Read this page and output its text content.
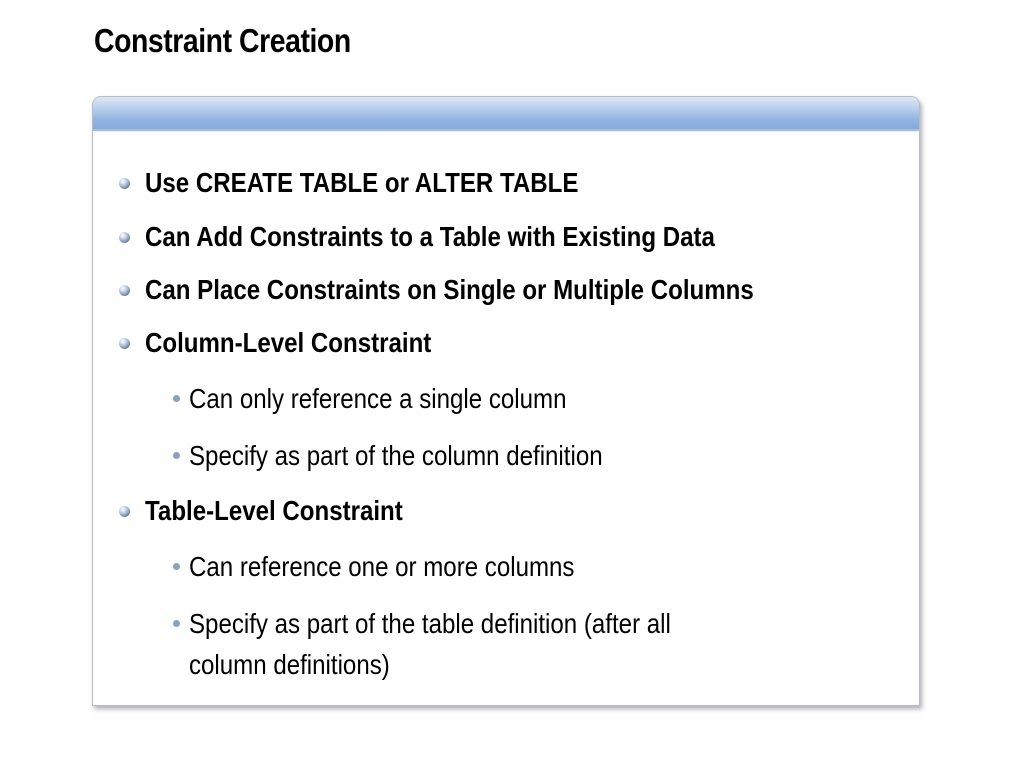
Constraint Creation
Use CREATE TABLE or ALTER TABLE
Can Add Constraints to a Table with Existing Data
Can Place Constraints on Single or Multiple Columns
Column-Level Constraint
Can only reference a single column
Specify as part of the column definition
Table-Level Constraint
Can reference one or more columns
Specify as part of the table definition (after all
column definitions)
